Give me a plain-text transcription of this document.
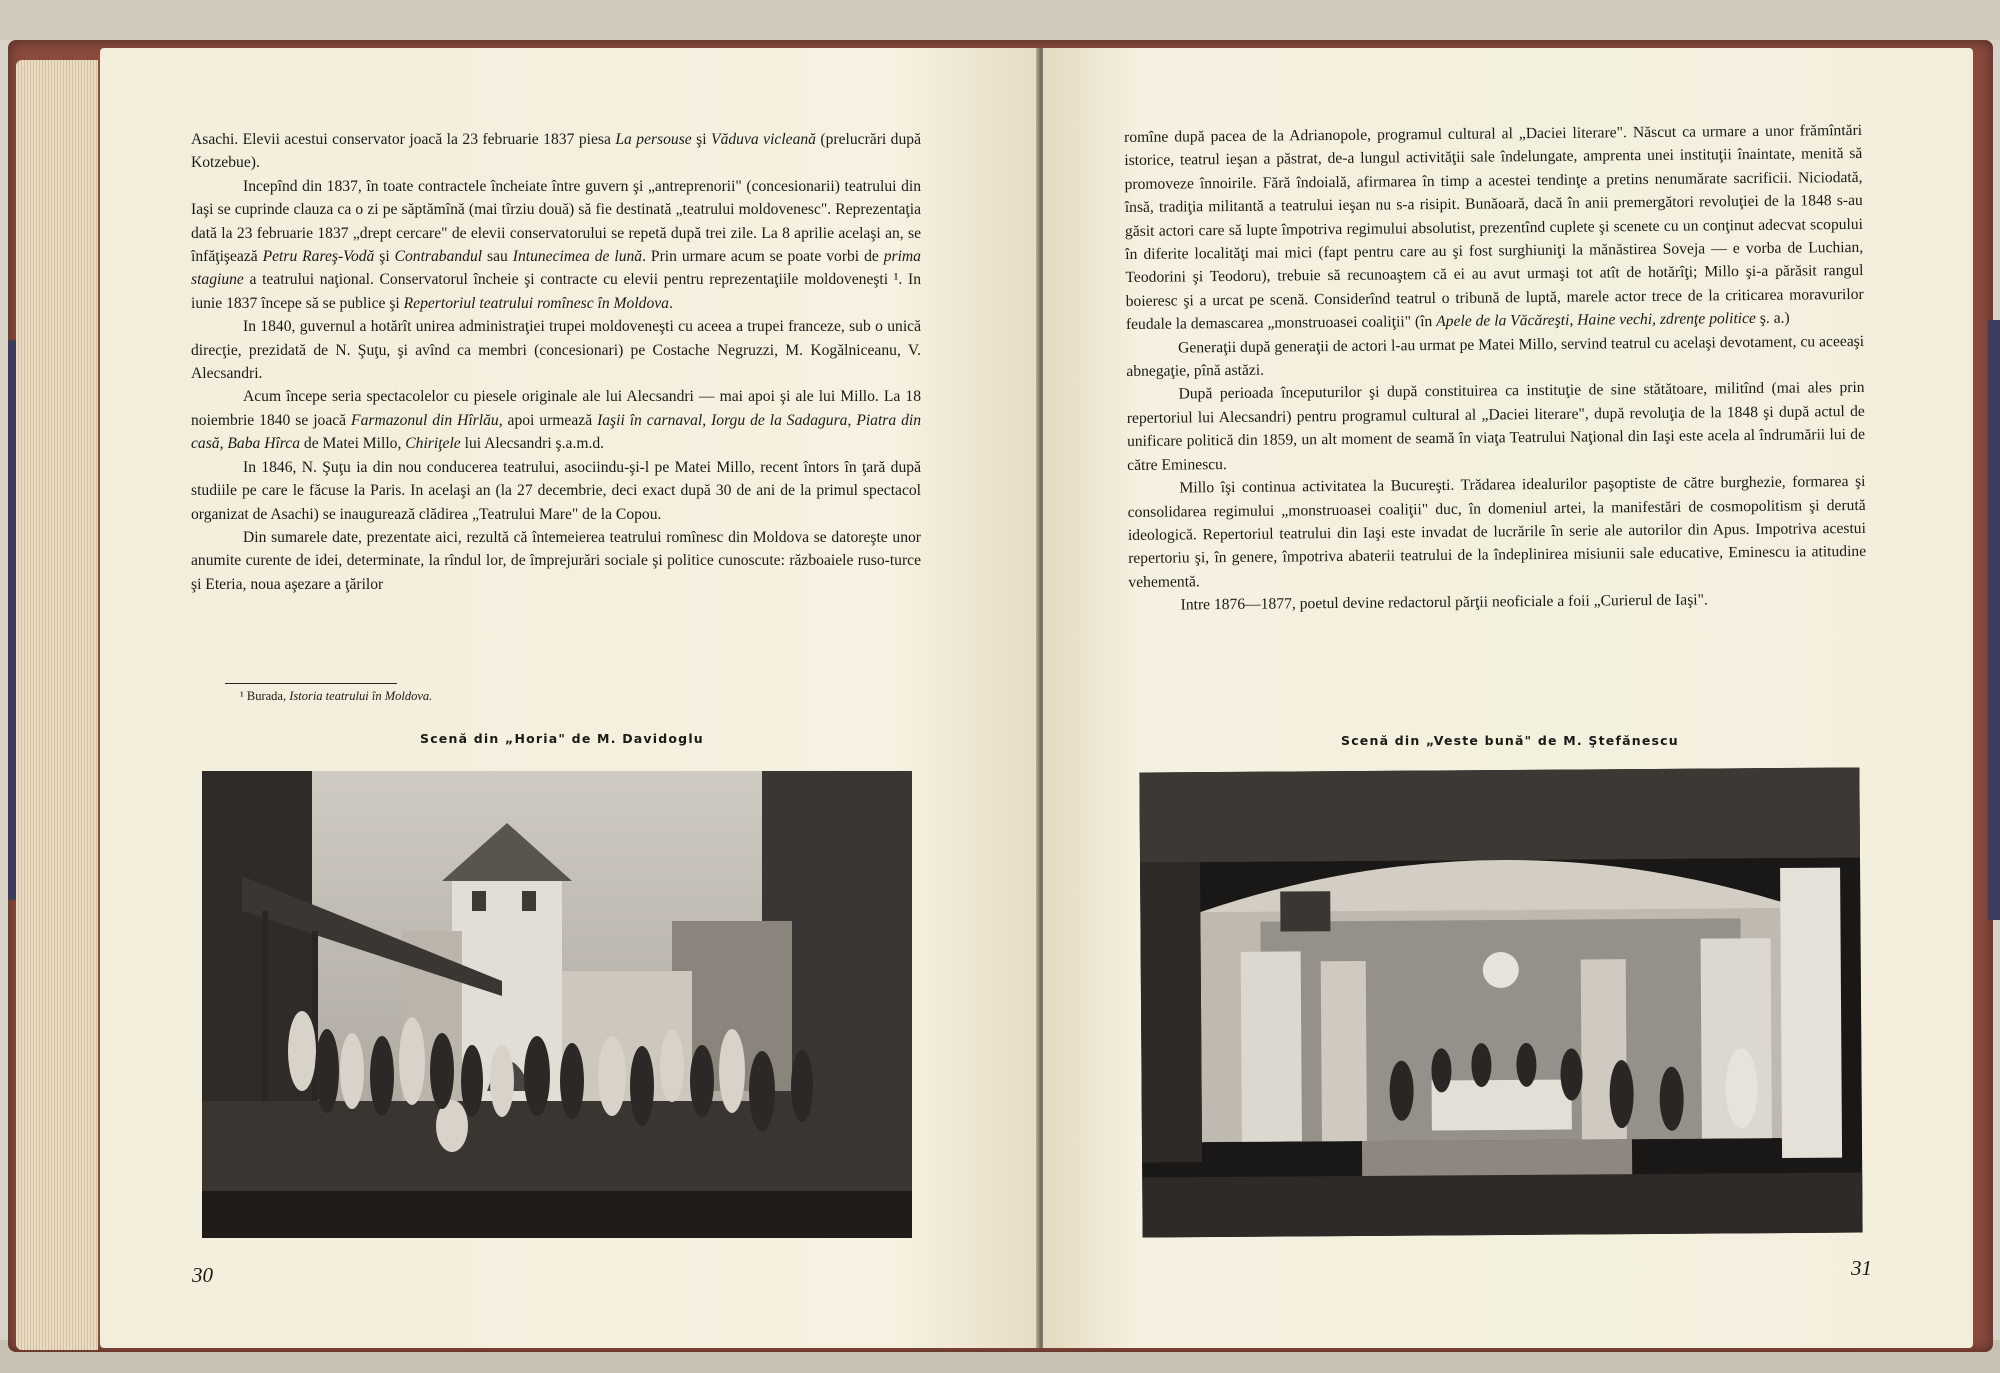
Asachi. Elevii acestui conservator joacă la 23 februarie 1837 piesa La persouse şi Văduva vicleană (prelucrări după Kotzebue).

Incepînd din 1837, în toate contractele încheiate între guvern şi „antreprenorii" (concesionarii) teatrului din Iaşi se cuprinde clauza ca o zi pe săptămînă (mai tîrziu două) să fie destinată „teatrului moldovenesc". Reprezentaţia dată la 23 februarie 1837 „drept cercare" de elevii conservatorului se repetă după trei zile. La 8 aprilie acelaşi an, se înfăţişează Petru Rareş-Vodă şi Contrabandul sau Intunecimea de lună. Prin urmare acum se poate vorbi de prima stagiune a teatrului naţional. Conservatorul încheie şi contracte cu elevii pentru reprezentaţiile moldoveneşti ¹. In iunie 1837 începe să se publice şi Repertoriul teatrului romînesc în Moldova.

In 1840, guvernul a hotărît unirea administraţiei trupei moldoveneşti cu aceea a trupei franceze, sub o unică direcţie, prezidată de N. Şuţu, şi avînd ca membri (concesionari) pe Costache Negruzzi, M. Kogălniceanu, V. Alecsandri.

Acum începe seria spectacolelor cu piesele originale ale lui Alecsandri — mai apoi şi ale lui Millo. La 18 noiembrie 1840 se joacă Farmazonul din Hîrlău, apoi urmează Iaşii în carnaval, Iorgu de la Sadagura, Piatra din casă, Baba Hîrca de Matei Millo, Chiriţele lui Alecsandri ş.a.m.d.

In 1846, N. Şuţu ia din nou conducerea teatrului, asociindu-şi-l pe Matei Millo, recent întors în ţară după studiile pe care le făcuse la Paris. In acelaşi an (la 27 decembrie, deci exact după 30 de ani de la primul spectacol organizat de Asachi) se inaugurează clădirea „Teatrului Mare" de la Copou.

Din sumarele date, prezentate aici, rezultă că întemeierea teatrului romînesc din Moldova se datoreşte unor anumite curente de idei, determinate, la rîndul lor, de împrejurări sociale şi politice cunoscute: războaiele ruso-turce şi Eteria, noua aşezare a ţărilor

¹ Burada, Istoria teatrului în Moldova.
Scenă din „Horia" de M. Davidoglu
30

romîne după pacea de la Adrianopole, programul cultural al „Daciei literare". Născut ca urmare a unor frămîntări istorice, teatrul ieşan a păstrat, de-a lungul activităţii sale îndelungate, amprenta unei instituţii înaintate, menită să promoveze înnoirile. Fără îndoială, afirmarea în timp a acestei tendinţe a pretins nenumărate sacrificii. Niciodată, însă, tradiţia militantă a teatrului ieşan nu s-a risipit. Bunăoară, dacă în anii premergători revoluţiei de la 1848 s-au găsit actori care să lupte împotriva regimului absolutist, prezentînd cuplete şi scenete cu un conţinut adecvat scopului în diferite localităţi mai mici (fapt pentru care au şi fost surghiuniţi la mănăstirea Soveja — e vorba de Luchian, Teodorini şi Teodoru), trebuie să recunoaştem că ei au avut urmaşi tot atît de hotărîţi; Millo şi-a părăsit rangul boieresc şi a urcat pe scenă. Considerînd teatrul o tribună de luptă, marele actor trece de la criticarea moravurilor feudale la demascarea „monstruoasei coaliţii" (în Apele de la Văcăreşti, Haine vechi, zdrenţe politice ş. a.)

Generaţii după generaţii de actori l-au urmat pe Matei Millo, servind teatrul cu acelaşi devotament, cu aceeaşi abnegaţie, pînă astăzi.

După perioada începuturilor şi după constituirea ca instituţie de sine stătătoare, militînd (mai ales prin repertoriul lui Alecsandri) pentru programul cultural al „Daciei literare", după revoluţia de la 1848 şi după actul de unificare politică din 1859, un alt moment de seamă în viaţa Teatrului Naţional din Iaşi este acela al îndrumării lui de către Eminescu.

Millo îşi continua activitatea la Bucureşti. Trădarea idealurilor paşoptiste de către burghezie, formarea şi consolidarea regimului „monstruoasei coaliţii" duc, în domeniul artei, la manifestări de cosmopolitism şi derută ideologică. Repertoriul teatrului din Iaşi este invadat de lucrările în serie ale autorilor din Apus. Impotriva acestui repertoriu şi, în genere, împotriva abaterii teatrului de la îndeplinirea misiunii sale educative, Eminescu ia atitudine vehementă.

Intre 1876—1877, poetul devine redactorul părţii neoficiale a foii „Curierul de Iaşi".

Scenă din „Veste bună" de M. Ştefănescu
31
